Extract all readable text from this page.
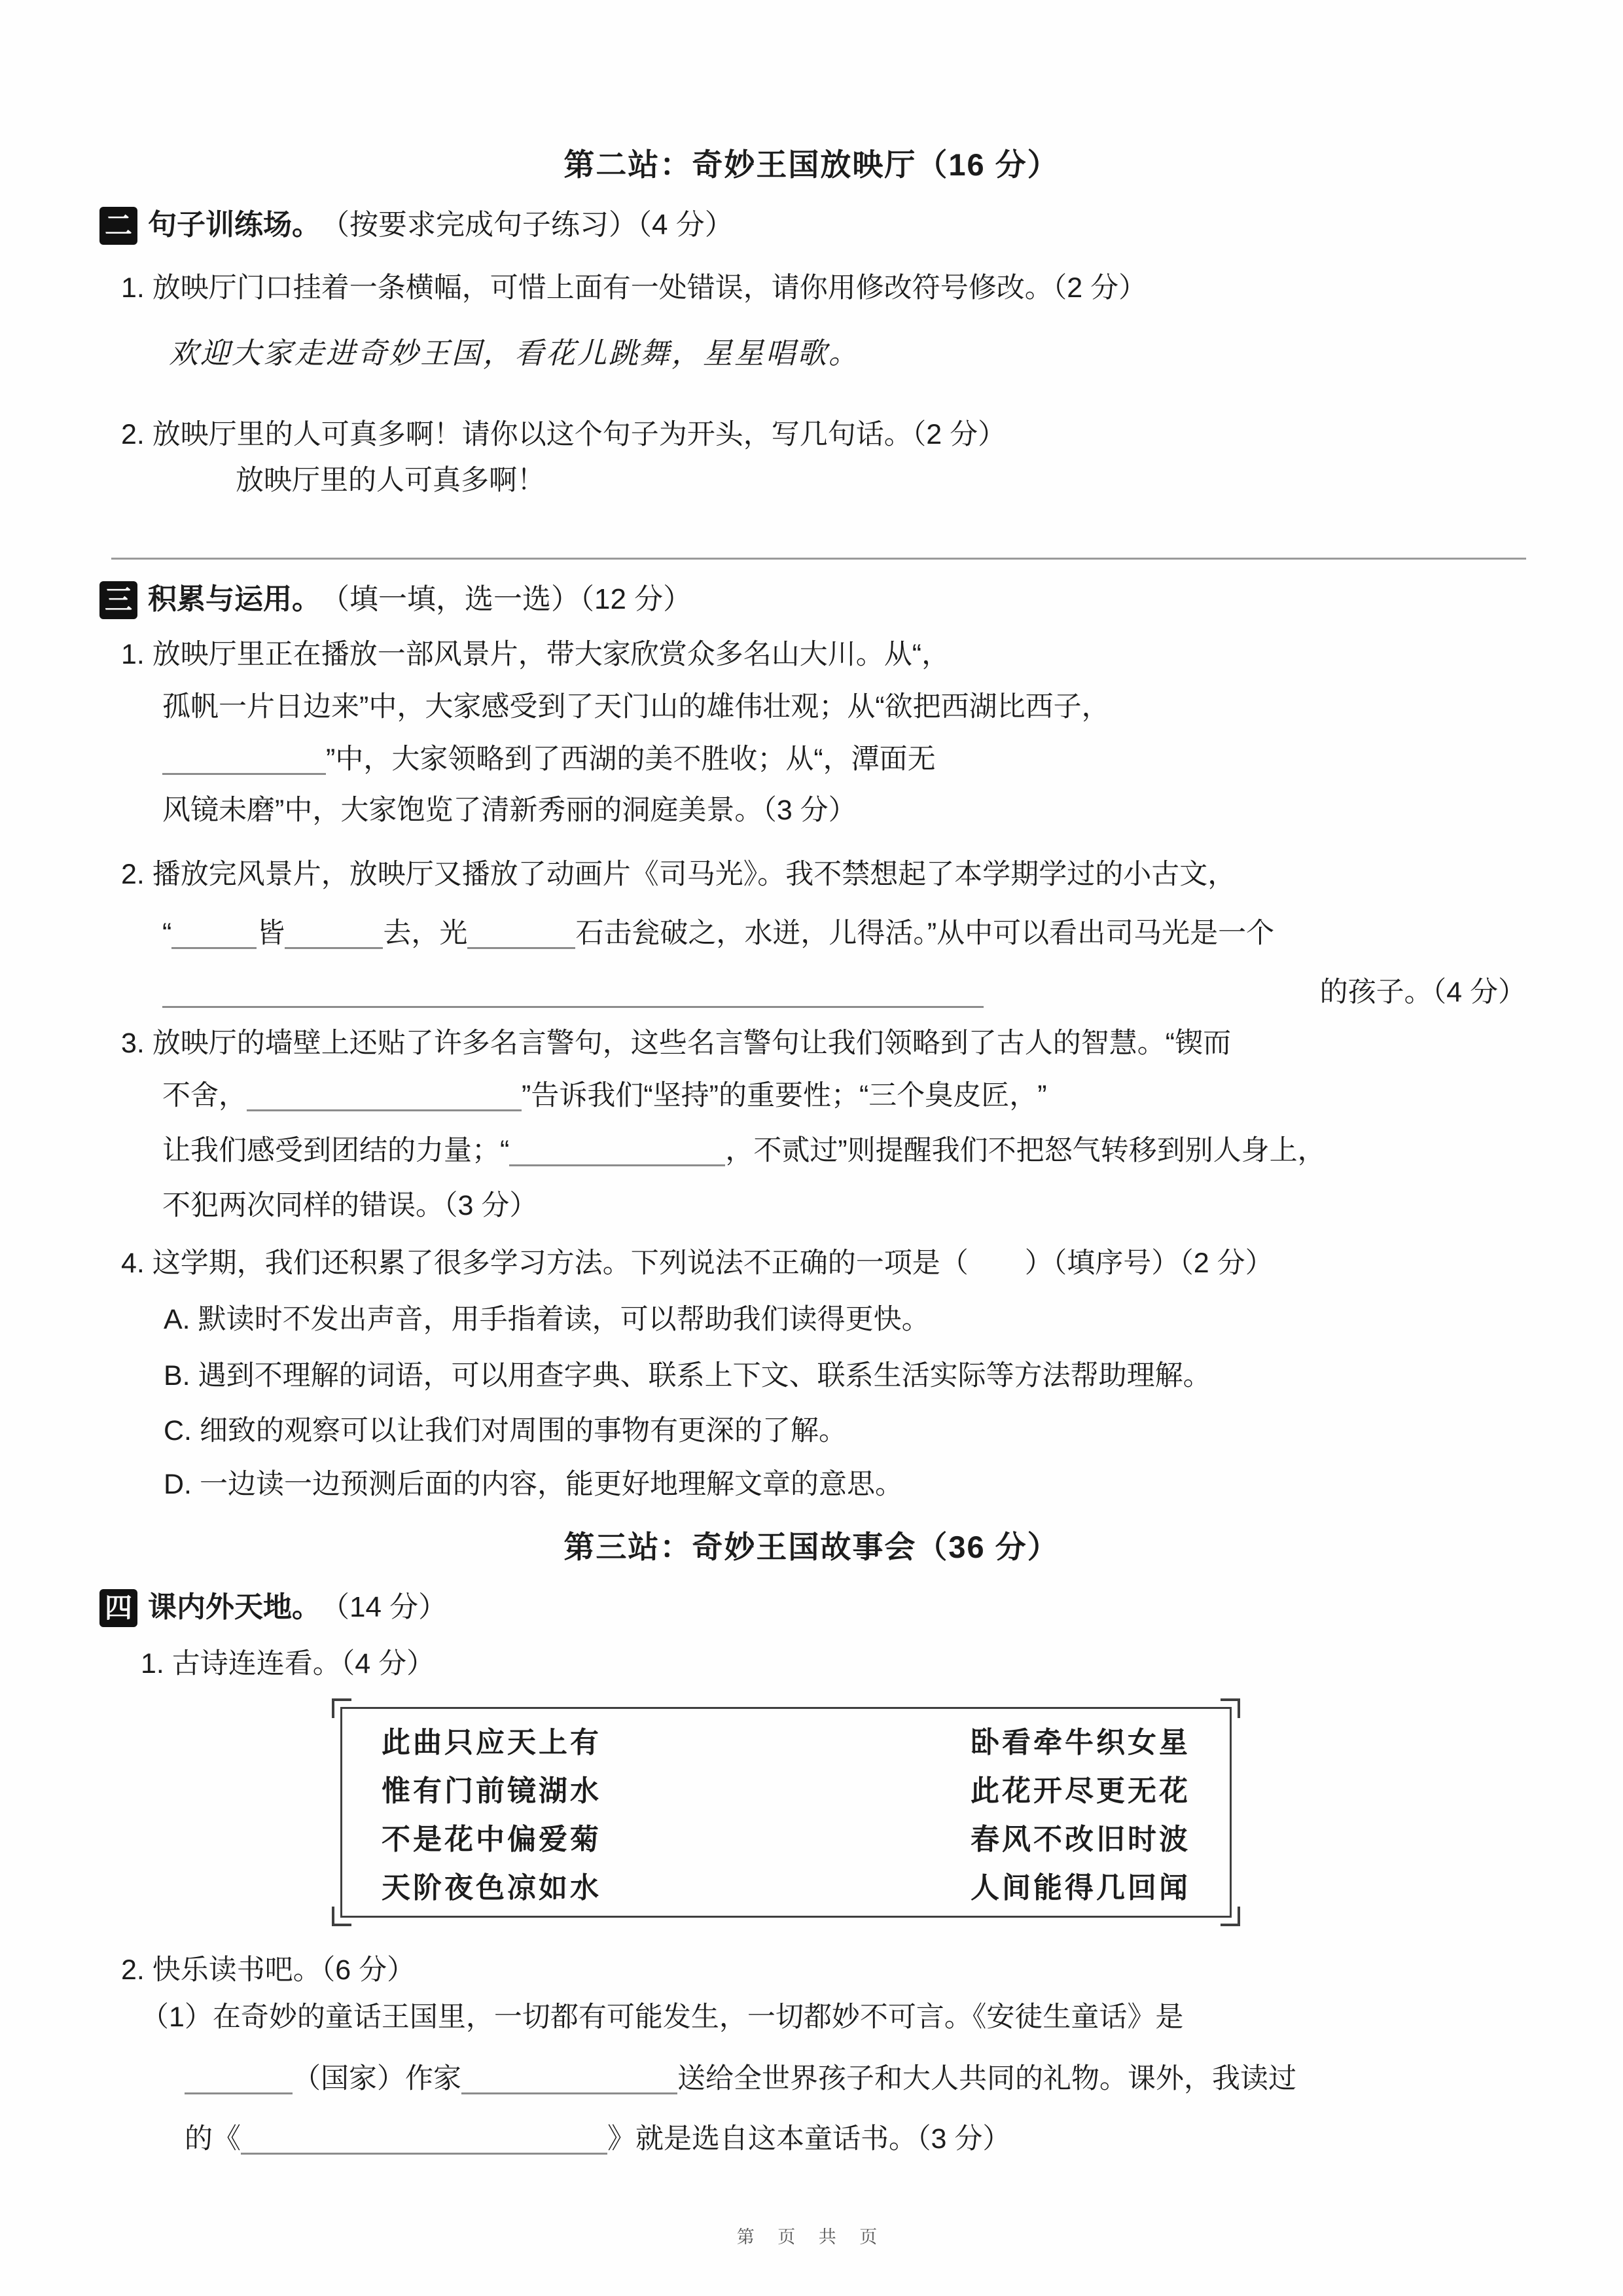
第二站：奇妙王国放映厅（16 分）
二 句子训练场。 （按要求完成句子练习）（4 分）
1. 放映厅门口挂着一条横幅，可惜上面有一处错误，请你用修改符号修改。（2 分）
欢迎大家走进奇妙王国，看花儿跳舞，星星唱歌。
2. 放映厅里的人可真多啊！请你以这个句子为开头，写几句话。（2 分）
放映厅里的人可真多啊！
三 积累与运用。 （填一填，选一选）（12 分）
1. 放映厅里正在播放一部风景片，带大家欣赏众多名山大川。从“ ，
孤帆一片日边来”中，大家感受到了天门山的雄伟壮观；从“欲把西湖比西子，
”中，大家领略到了西湖的美不胜收；从“ ，潭面无
风镜未磨”中，大家饱览了清新秀丽的洞庭美景。（3 分）
2. 播放完风景片，放映厅又播放了动画片《司马光》。我不禁想起了本学期学过的小古文，
“	皆	去，光	石击瓮破之，水迸，儿得活。”从中可以看出司马光是一个
的孩子。（4 分）
3. 放映厅的墙壁上还贴了许多名言警句，这些名言警句让我们领略到了古人的智慧。“锲而
不舍，	”告诉我们“坚持”的重要性；“三个臭皮匠， ”
让我们感受到团结的力量；“	，不贰过”则提醒我们不把怒气转移到别人身上，
不犯两次同样的错误。（3 分）
4. 这学期，我们还积累了很多学习方法。下列说法不正确的一项是（　　）（填序号）（2 分）
A. 默读时不发出声音，用手指着读，可以帮助我们读得更快。
B. 遇到不理解的词语，可以用查字典、联系上下文、联系生活实际等方法帮助理解。
C. 细致的观察可以让我们对周围的事物有更深的了解。
D. 一边读一边预测后面的内容，能更好地理解文章的意思。
第三站：奇妙王国故事会（36 分）
四 课内外天地。 （14 分）
1. 古诗连连看。（4 分）
此曲只应天上有	卧看牵牛织女星
惟有门前镜湖水	此花开尽更无花
不是花中偏爱菊	春风不改旧时波
天阶夜色凉如水	人间能得几回闻
2. 快乐读书吧。（6 分）
（1）在奇妙的童话王国里，一切都有可能发生，一切都妙不可言。《安徒生童话》是
（国家）作家	送给全世界孩子和大人共同的礼物。课外，我读过
的《	》就是选自这本童话书。（3 分）
第 页 共 页
